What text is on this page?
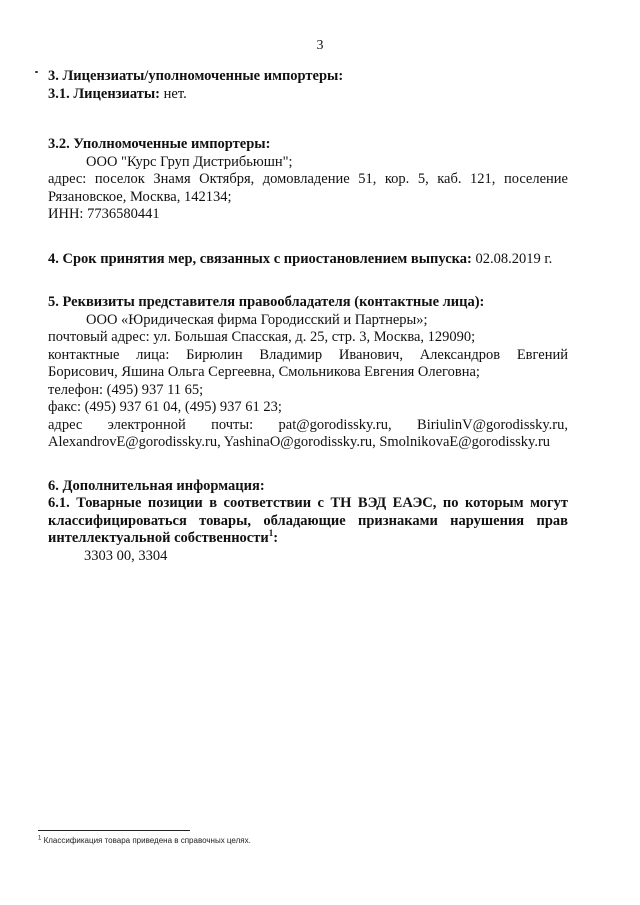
3
3. Лицензиаты/уполномоченные импортеры:
3.1. Лицензиаты: нет.
3.2. Уполномоченные импортеры:
ООО "Курс Груп Дистрибьюшн";
адрес: поселок Знамя Октября, домовладение 51, кор. 5, каб. 121, поселение
Рязановское, Москва, 142134;
ИНН: 7736580441
4. Срок принятия мер, связанных с приостановлением выпуска: 02.08.2019 г.
5. Реквизиты представителя правообладателя (контактные лица):
ООО «Юридическая фирма Городисский и Партнеры»;
почтовый адрес: ул. Большая Спасская, д. 25, стр. 3, Москва, 129090;
контактные лица: Бирюлин Владимир Иванович, Александров Евгений
Борисович, Яшина Ольга Сергеевна, Смольникова Евгения Олеговна;
телефон: (495) 937 11 65;
факс: (495) 937 61 04, (495) 937 61 23;
адрес электронной почты: pat@gorodissky.ru, BiriulinV@gorodissky.ru,
AlexandrovE@gorodissky.ru, YashinaO@gorodissky.ru, SmolnikovaE@gorodissky.ru
6. Дополнительная информация:
6.1. Товарные позиции в соответствии с ТН ВЭД ЕАЭС, по которым могут
классифицироваться товары, обладающие признаками нарушения прав
интеллектуальной собственности$^1$:
3303 00, 3304
$^1$ Классификация товара приведена в справочных целях.
